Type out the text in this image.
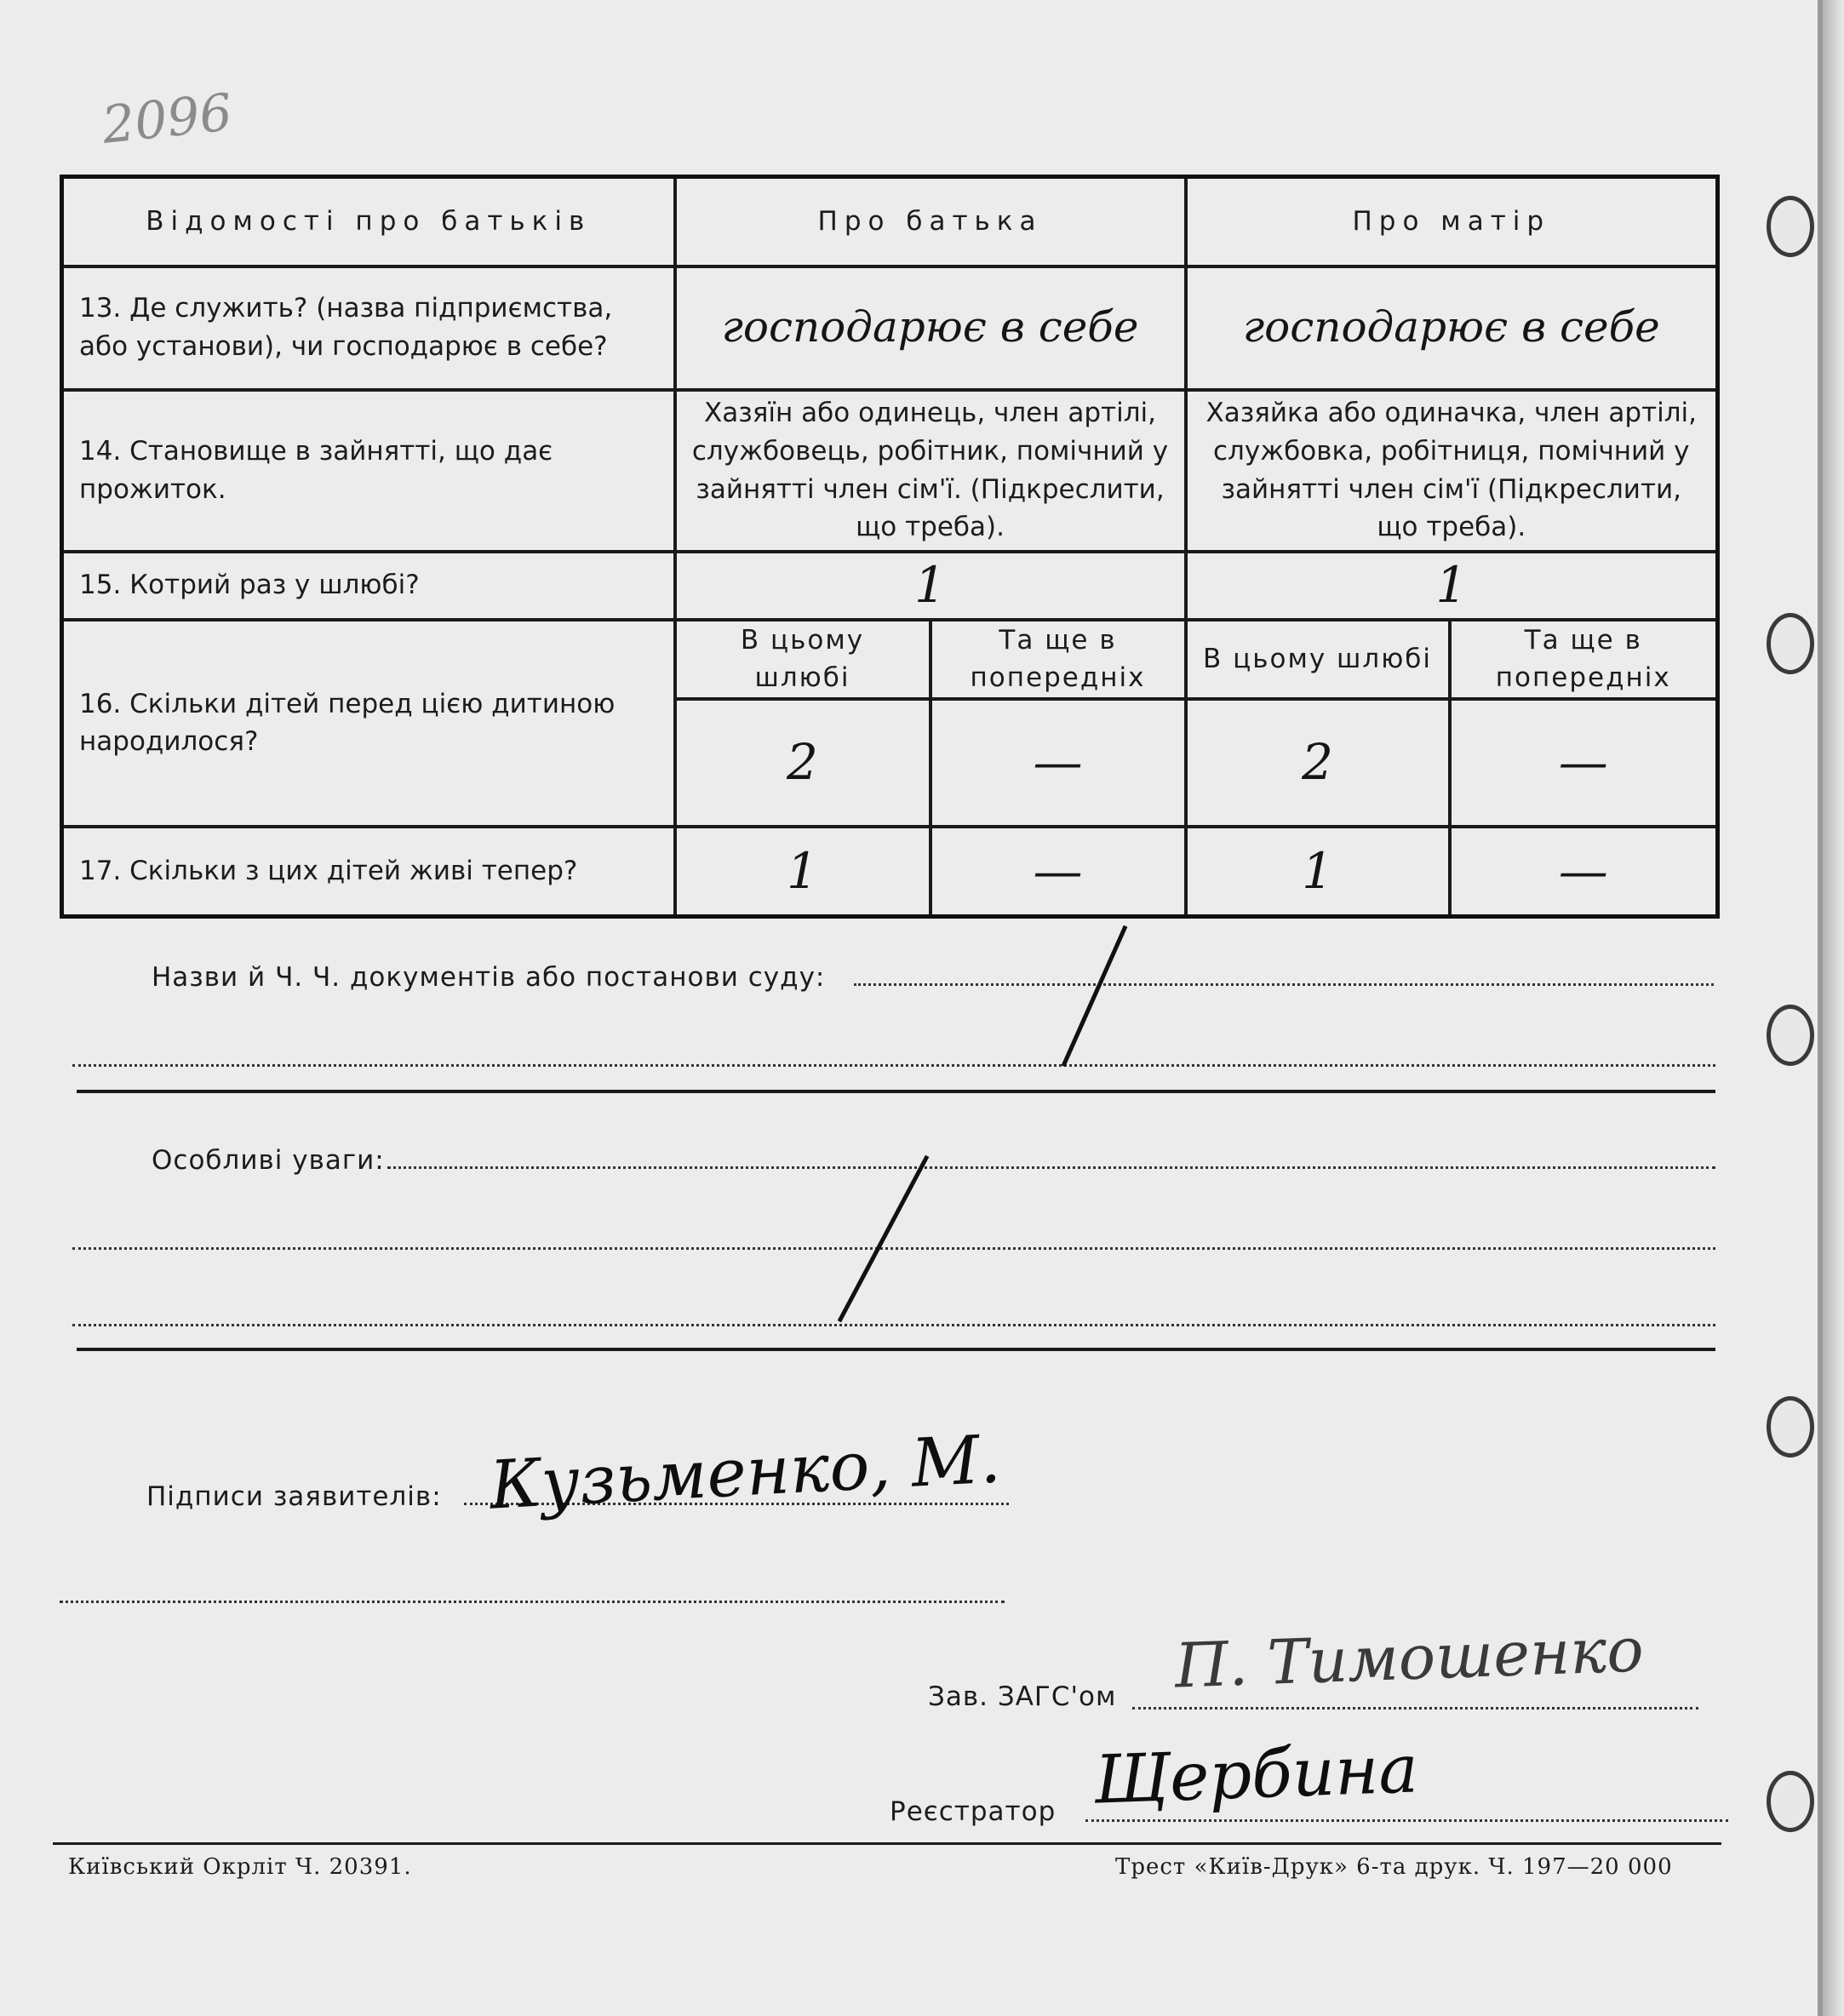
2096
Відомості про батьків	Про батька		Про матір	
13. Де служить? (назва підприємства, або установи), чи господарює в себе?	господарює в себе		господарює в себе	
14. Становище в зайнятті, що дає прожиток.	Хазяїн або одинець, член артілі, службовець, робітник, помічний у зайнятті член сім'ї. (Підкреслити, що треба).		Хазяйка або одиначка, член артілі, службовка, робітниця, помічний у зайнятті член сім'ї (Підкреслити, що треба).	
15. Котрий раз у шлюбі?	1		1	
16. Скільки дітей перед цією дитиною народилося?	В цьому шлюбі	Та ще в попередніх	В цьому шлюбі	Та ще в попередніх
	2	—	2	—
17. Скільки з цих дітей живі тепер?	1	—	1	—
Назви й Ч. Ч. документів або постанови суду:
Особливі уваги:
Підписи заявителів: Кузьменко, М.
Зав. ЗАГС'ом П. Тимошенко
Реєстратор Щербина
Київський Окрліт Ч. 20391.	Трест «Київ-Друк» 6-та друк. Ч. 197—20 000
